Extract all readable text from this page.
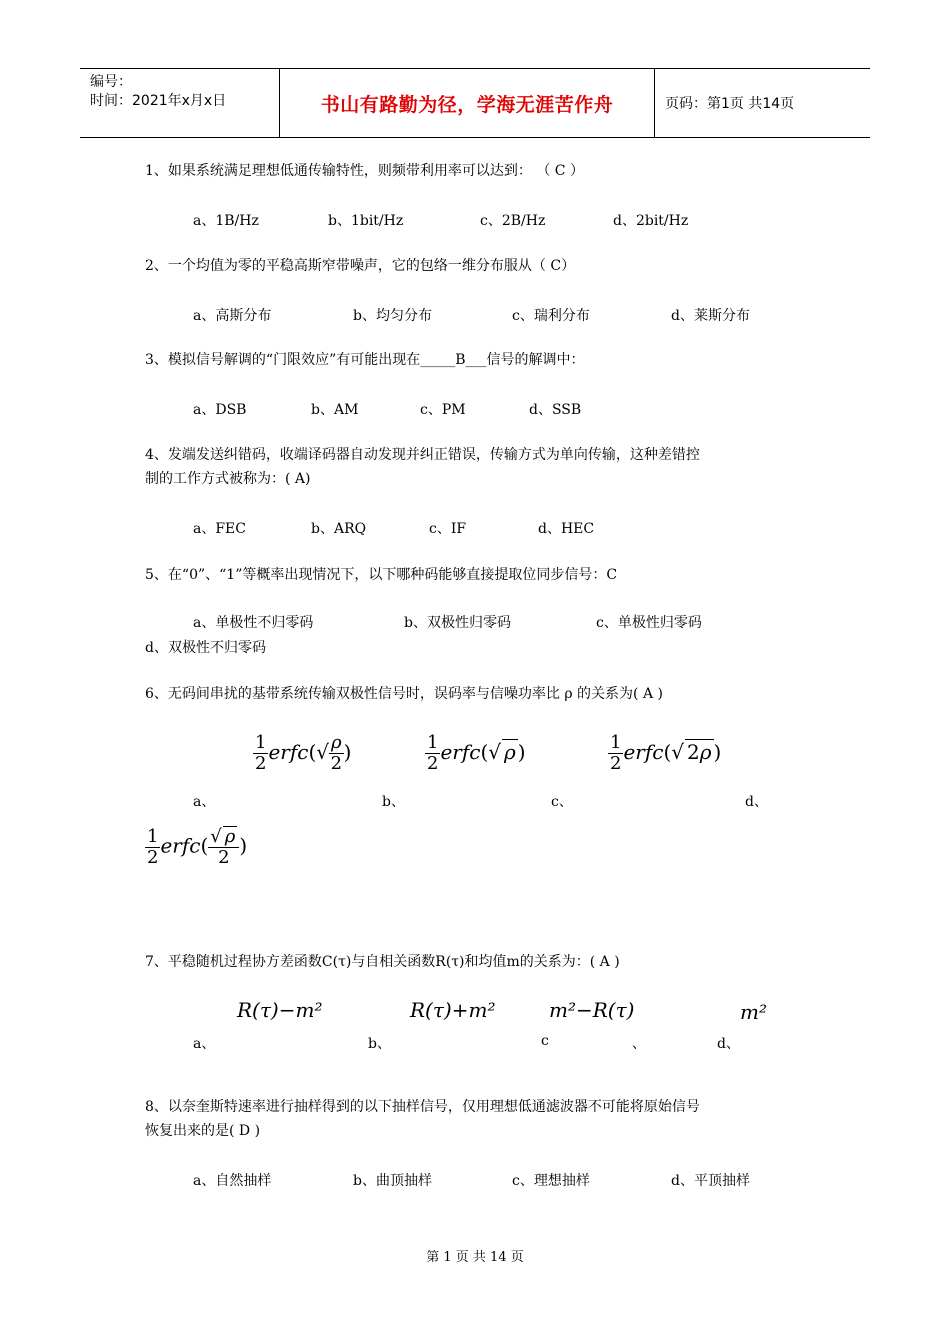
编号：
时间：2021年x月x日	书山有路勤为径，学海无涯苦作舟	页码：第1页 共14页
1、如果系统满足理想低通传输特性，则频带利用率可以达到： （ C ）
a、1B/Hz	b、1bit/Hz	c、2B/Hz	d、2bit/Hz
2、一个均值为零的平稳高斯窄带噪声，它的包络一维分布服从（ C）
a、高斯分布	b、均匀分布	c、瑞利分布	d、莱斯分布
3、模拟信号解调的“门限效应”有可能出现在_____B___信号的解调中：
a、DSB	b、AM	c、PM	d、SSB
4、发端发送纠错码，收端译码器自动发现并纠正错误，传输方式为单向传输，这种差错控
制的工作方式被称为：( A)
a、FEC	b、ARQ	c、IF	d、HEC
5、在“0”、“1”等概率出现情况下，以下哪种码能够直接提取位同步信号：C
a、单极性不归零码	b、双极性归零码	c、单极性归零码
d、双极性不归零码
6、无码间串扰的基带系统传输双极性信号时，误码率与信噪功率比 ρ 的关系为( A )
$\frac{1}{2}$ erfc(√ $\frac{\rho}{2}$ )	$\frac{1}{2}$ erfc(√ ρ )	$\frac{1}{2}$ erfc(√ 2ρ )
a、	b、	c、	d、
$\frac{1}{2}$ erfc( $\frac{√ \rho}{2}$ )
7、平稳随机过程协方差函数C(τ)与自相关函数R(τ)和均值m的关系为：( A )
R(τ)−m²	R(τ)+m²	m²−R(τ)	m²
a、	b、	c	、	d、
8、以奈奎斯特速率进行抽样得到的以下抽样信号，仅用理想低通滤波器不可能将原始信号
恢复出来的是( D )
a、自然抽样	b、曲顶抽样	c、理想抽样	d、平顶抽样
第 1 页 共 14 页
